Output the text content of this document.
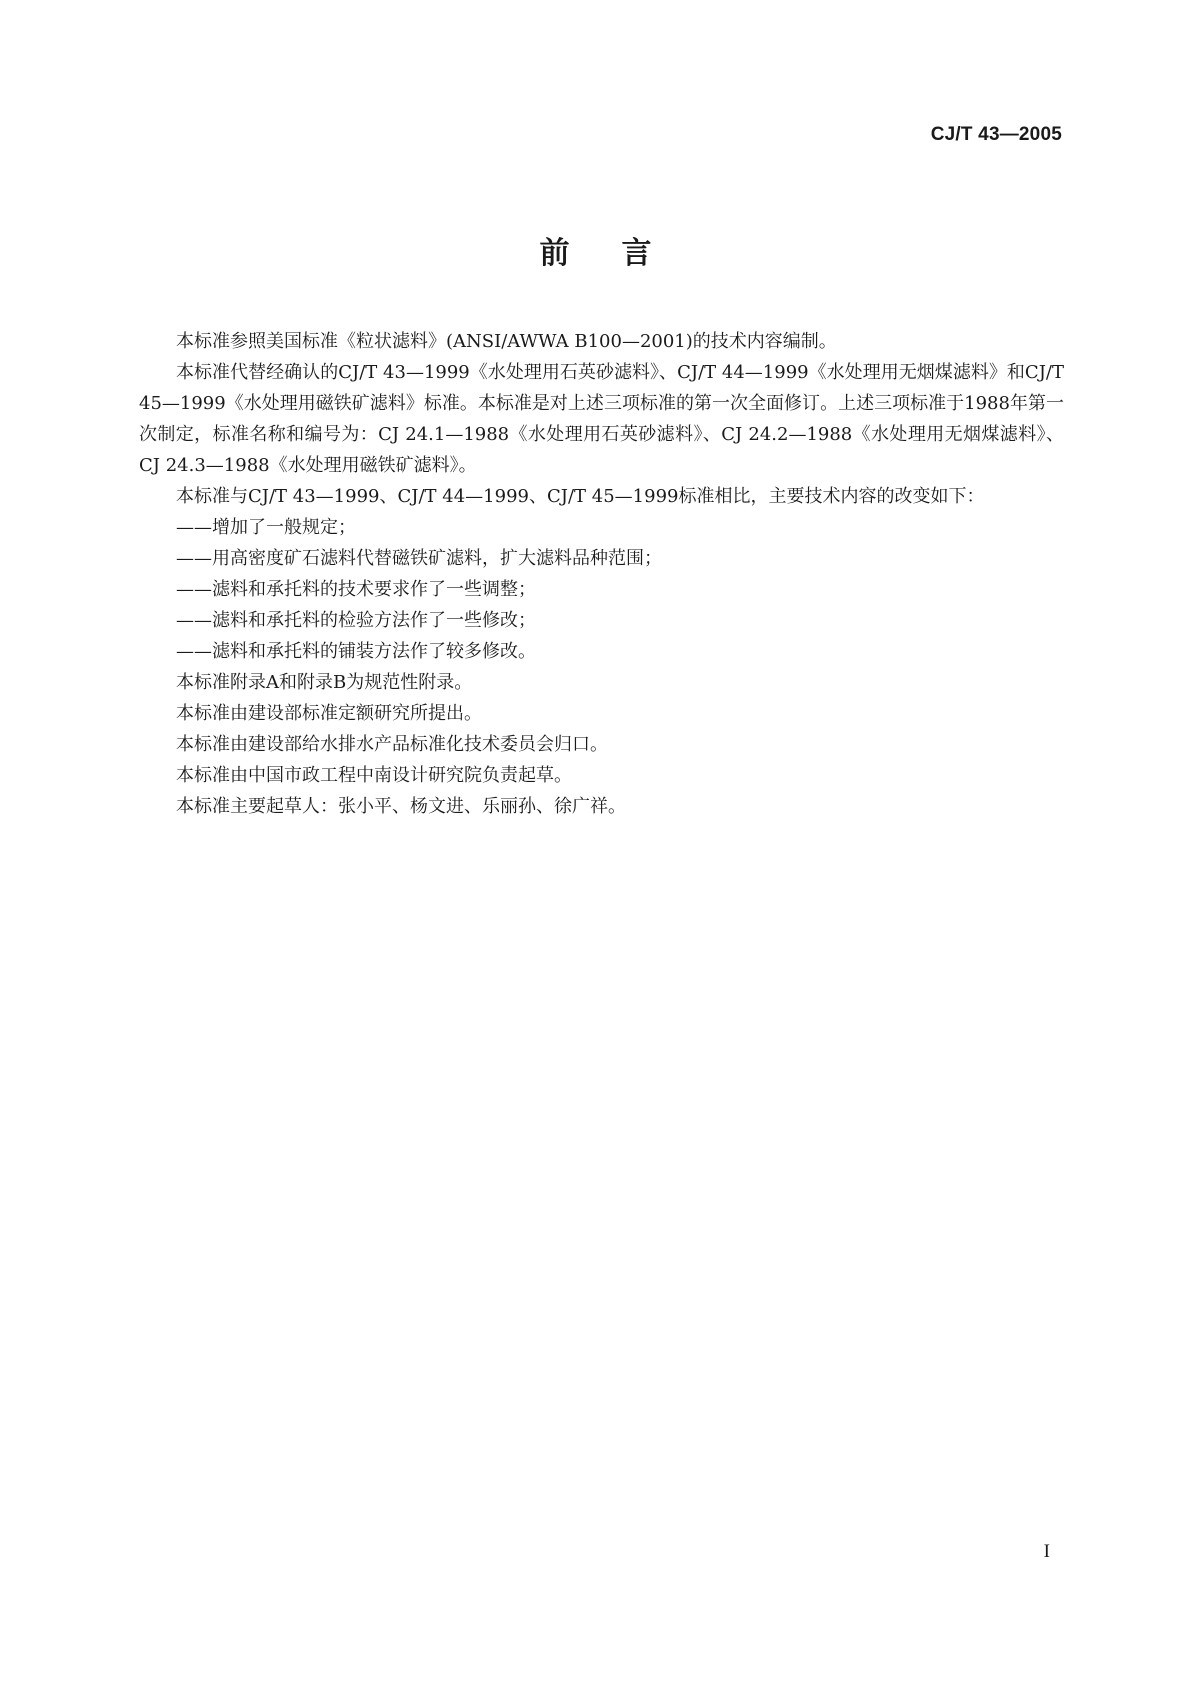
CJ/T 43—2005
前言

本标准参照美国标准《粒状滤料》(ANSI/AWWA B100—2001)的技术内容编制。

本标准代替经确认的CJ/T 43—1999《水处理用石英砂滤料》、CJ/T 44—1999《水处理用无烟煤滤料》和CJ/T 45—1999《水处理用磁铁矿滤料》标准。本标准是对上述三项标准的第一次全面修订。上述三项标准于1988年第一次制定，标准名称和编号为：CJ 24.1—1988《水处理用石英砂滤料》、CJ 24.2—1988《水处理用无烟煤滤料》、CJ 24.3—1988《水处理用磁铁矿滤料》。

本标准与CJ/T 43—1999、CJ/T 44—1999、CJ/T 45—1999标准相比，主要技术内容的改变如下：

——增加了一般规定；

——用高密度矿石滤料代替磁铁矿滤料，扩大滤料品种范围；

——滤料和承托料的技术要求作了一些调整；

——滤料和承托料的检验方法作了一些修改；

——滤料和承托料的铺装方法作了较多修改。

本标准附录A和附录B为规范性附录。

本标准由建设部标准定额研究所提出。

本标准由建设部给水排水产品标准化技术委员会归口。

本标准由中国市政工程中南设计研究院负责起草。

本标准主要起草人：张小平、杨文进、乐丽孙、徐广祥。

I
